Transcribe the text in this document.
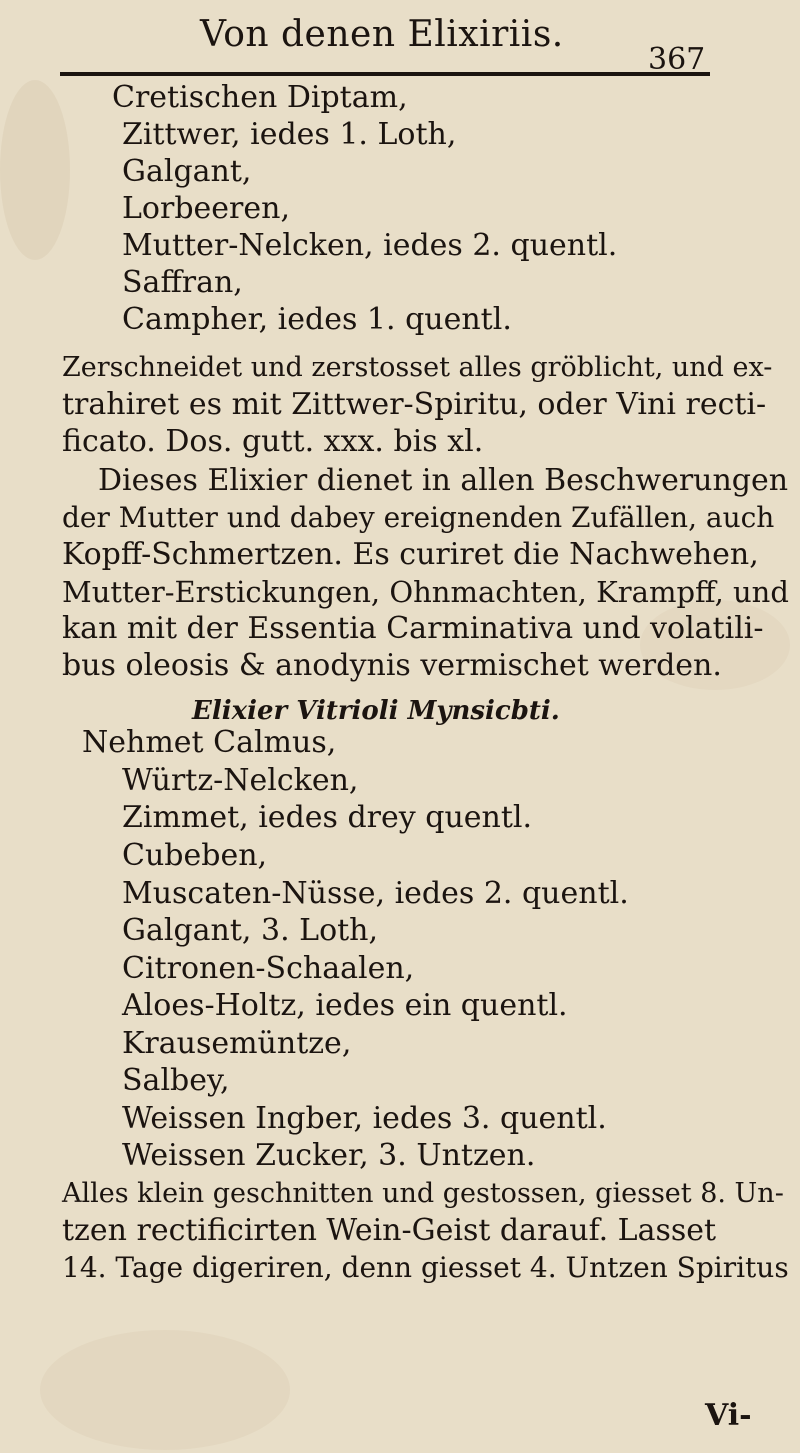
Von denen Elixiriis.
367
Cretischen Diptam,
Zittwer, iedes 1. Loth,
Galgant,
Lorbeeren,
Mutter-Nelcken, iedes 2. quentl.
Saffran,
Campher, iedes 1. quentl.
Zerschneidet und zerstosset alles gröblicht, und ex-
trahiret es mit Zittwer-Spiritu, oder Vini recti-
ficato. Dos. gutt. xxx. bis xl.
Dieses Elixier dienet in allen Beschwerungen
der Mutter und dabey ereignenden Zufällen, auch
Kopff-Schmertzen. Es curiret die Nachwehen,
Mutter-Erstickungen, Ohnmachten, Krampff, und
kan mit der Essentia Carminativa und volatili-
bus oleosis & anodynis vermischet werden.
Elixier Vitrioli Mynsicbti.
Nehmet Calmus,
Würtz-Nelcken,
Zimmet, iedes drey quentl.
Cubeben,
Muscaten-Nüsse, iedes 2. quentl.
Galgant, 3. Loth,
Citronen-Schaalen,
Aloes-Holtz, iedes ein quentl.
Krausemüntze,
Salbey,
Weissen Ingber, iedes 3. quentl.
Weissen Zucker, 3. Untzen.
Alles klein geschnitten und gestossen, giesset 8. Un-
tzen rectificirten Wein-Geist darauf. Lasset
14. Tage digeriren, denn giesset 4. Untzen Spiritus
Vi-
